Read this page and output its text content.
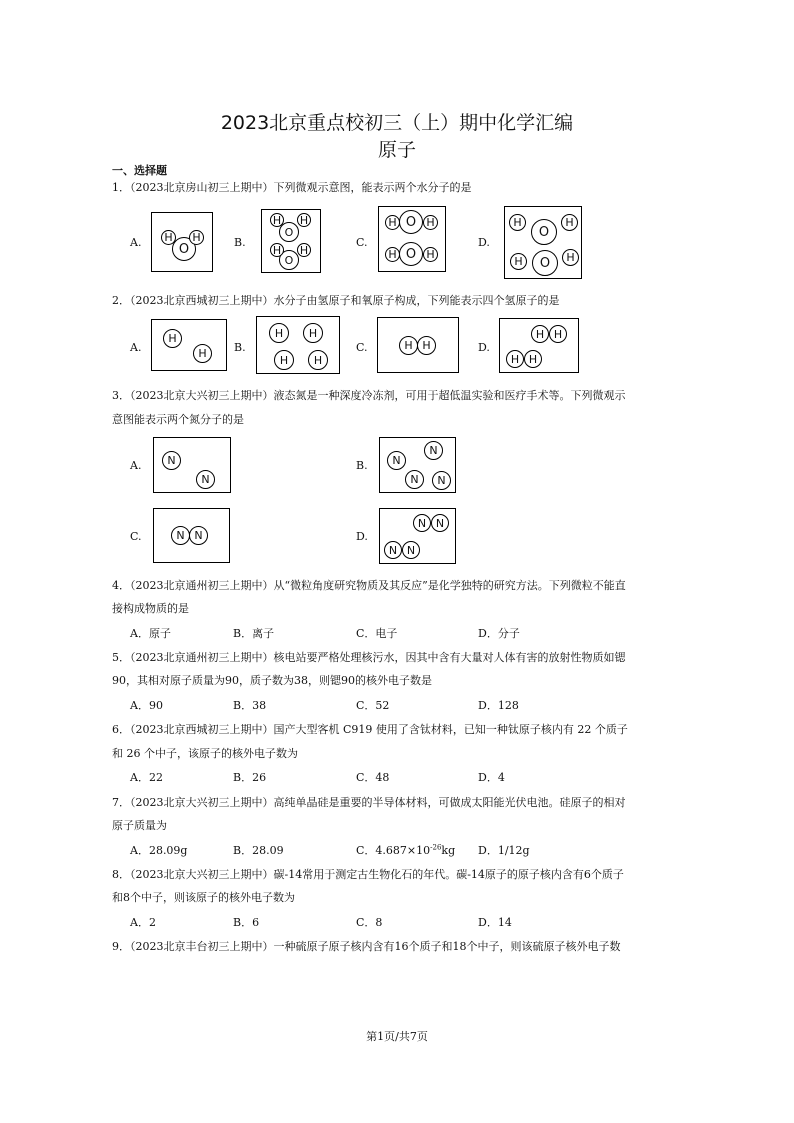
2023北京重点校初三（上）期中化学汇编
原子
一、选择题
1．（2023北京房山初三上期中）下列微观示意图，能表示两个水分子的是
A.	O
H	H	B.
O
H H
O
H H
C.
O
H	H
O
H	H
D.
O
H	H
O
H	H
2．（2023北京西城初三上期中）水分子由氢原子和氧原子构成，下列能表示四个氢原子的是
A.
H
H	B.
H	H
H	H
C.	H H	D.
H H
H H
3．（2023北京大兴初三上期中）液态氮是一种深度冷冻剂，可用于超低温实验和医疗手术等。下列微观示
意图能表示两个氮分子的是
A.	N
N
B.
N
N
N	N
C.	N N	D.
N N
N N
4．（2023北京通州初三上期中）从“微粒角度研究物质及其反应”是化学独特的研究方法。下列微粒不能直
接构成物质的是
A．原子	B．离子	C．电子	D．分子
5．（2023北京通州初三上期中）核电站要严格处理核污水，因其中含有大量对人体有害的放射性物质如锶
90，其相对原子质量为90，质子数为38，则锶90的核外电子数是
A．90	B．38	C．52	D．128
6．（2023北京西城初三上期中）国产大型客机 C919 使用了含钛材料，已知一种钛原子核内有 22 个质子
和 26 个中子，该原子的核外电子数为
A．22	B．26	C．48	D．4
7．（2023北京大兴初三上期中）高纯单晶硅是重要的半导体材料，可做成太阳能光伏电池。硅原子的相对
原子质量为
A．28.09g	B．28.09	C．$4.687\times 10^{-26}kg$ D．1/12g
8．（2023北京大兴初三上期中）碳-14常用于测定古生物化石的年代。碳-14原子的原子核内含有6个质子
和8个中子，则该原子的核外电子数为
A．2	B．6	C．8	D．14
9．（2023北京丰台初三上期中）一种硫原子原子核内含有16个质子和18个中子，则该硫原子核外电子数
第1页/共7页
